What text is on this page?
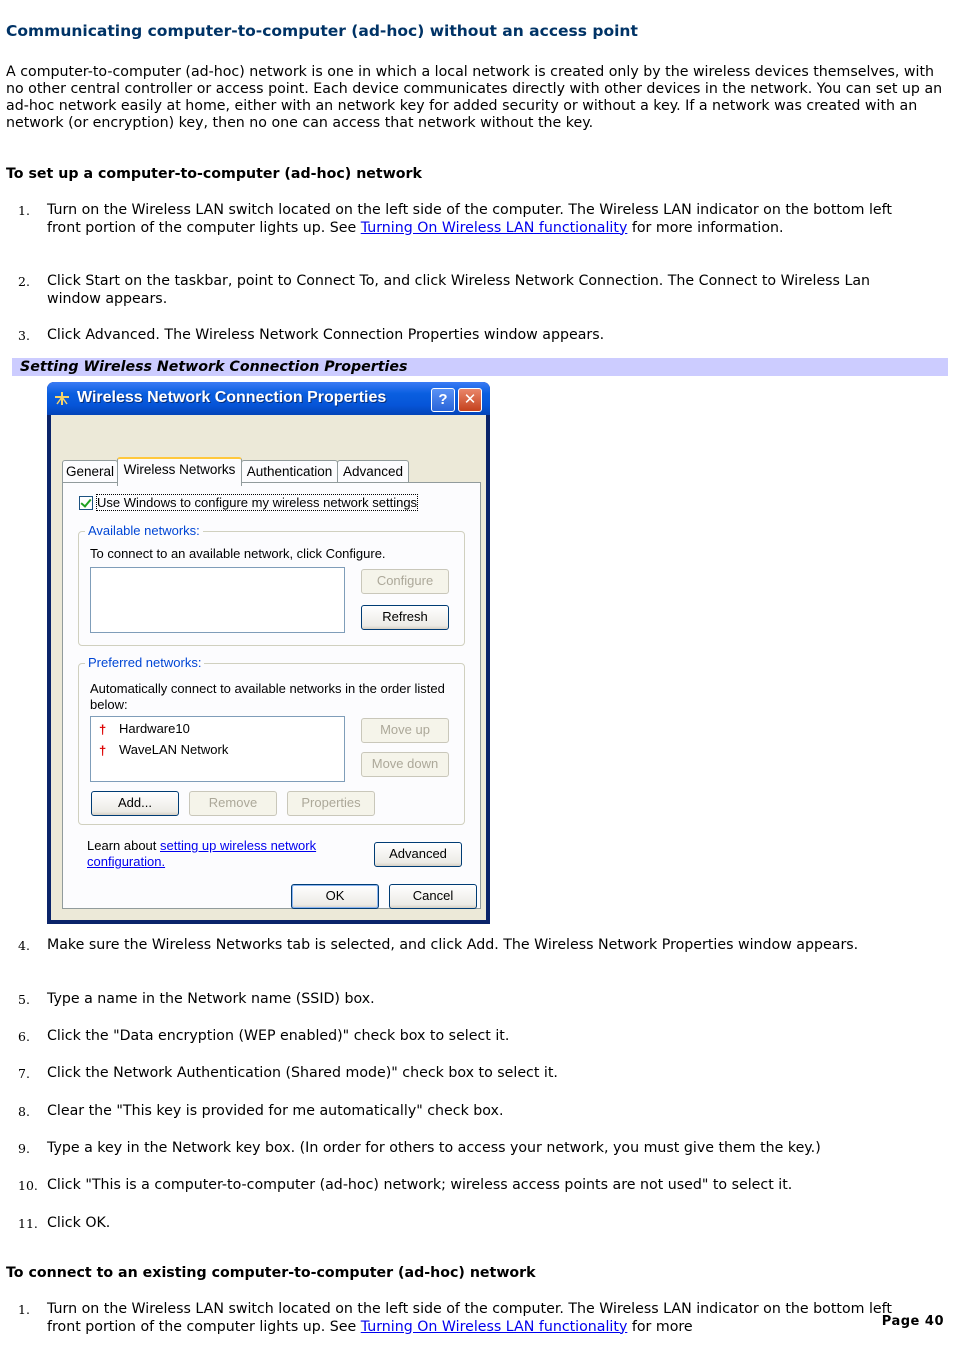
Communicating computer-to-computer (ad-hoc) without an access point
A computer-to-computer (ad-hoc) network is one in which a local network is created only by the wireless devices themselves, with no other central controller or access point. Each device communicates directly with other devices in the network. You can set up an ad-hoc network easily at home, either with an network key for added security or without a key. If a network was created with an network (or encryption) key, then no one can access that network without the key.
To set up a computer-to-computer (ad-hoc) network
1.	Turn on the Wireless LAN switch located on the left side of the computer. The Wireless LAN indicator on the bottom left front portion of the computer lights up. See Turning On Wireless LAN functionality for more information.
2.	Click Start on the taskbar, point to Connect To, and click Wireless Network Connection. The Connect to Wireless Lan window appears.
3.	Click Advanced. The Wireless Network Connection Properties window appears.
Setting Wireless Network Connection Properties
Wireless Network Connection Properties	?	✕
General Wireless Networks Authentication Advanced
Use Windows to configure my wireless network settings
Available networks:
To connect to an available network, click Configure.
Configure
Refresh
Preferred networks:
Automatically connect to available networks in the order listed
below:
† Hardware10
† WaveLAN Network
Move up
Move down
Add...	Remove	Properties
Learn about setting up wireless network
configuration.
Advanced
OK	Cancel
4.	Make sure the Wireless Networks tab is selected, and click Add. The Wireless Network Properties window appears.
5.	Type a name in the Network name (SSID) box.
6.	Click the "Data encryption (WEP enabled)" check box to select it.
7.	Click the Network Authentication (Shared mode)" check box to select it.
8.	Clear the "This key is provided for me automatically" check box.
9.	Type a key in the Network key box. (In order for others to access your network, you must give them the key.)
10. Click "This is a computer-to-computer (ad-hoc) network; wireless access points are not used" to select it.
11. Click OK.
To connect to an existing computer-to-computer (ad-hoc) network
1.	Turn on the Wireless LAN switch located on the left side of the computer. The Wireless LAN indicator on the bottom left front portion of the computer lights up. See Turning On Wireless LAN functionality for more	Page 40
